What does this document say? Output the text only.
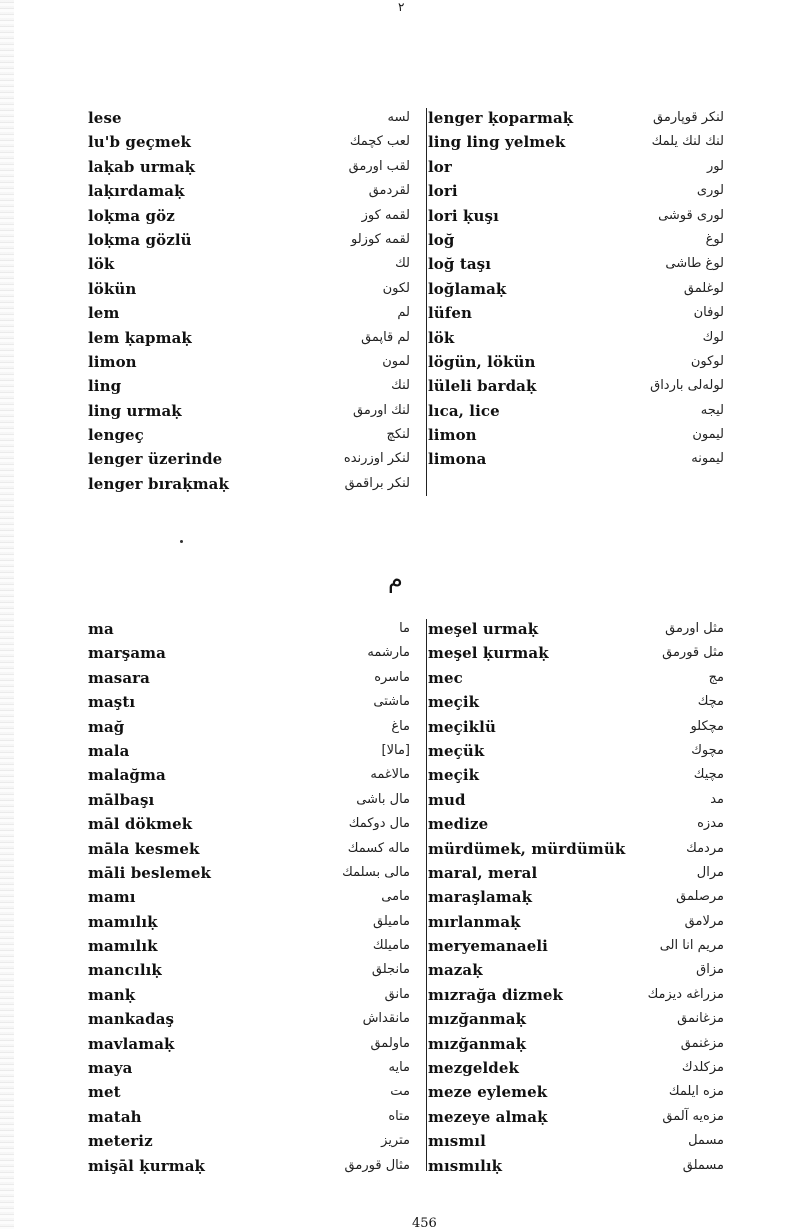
۲
lese	لسه
lu'b geçmek	لعب كچمك
laḳab urmaḳ	لقب اورمق
laḳırdamaḳ	لقردمق
loḳma göz	لقمه كوز
loḳma gözlü	لقمه كوزلو
lök	لك
lökün	لكون
lem	لم
lem ḳapmaḳ	لم قاپمق
limon	لمون
ling	لنك
ling urmaḳ	لنك اورمق
lengeç	لنكچ
lenger üzerinde	لنكر اوزرنده
lenger bıraḳmaḳ	لنكر براقمق
lenger ḳoparmaḳ	لنكر قوپارمق
ling ling yelmek	لنك لنك يلمك
lor	لور
lori	لوری
lori ḳuşı	لوری قوشی
loğ	لوغ
loğ taşı	لوغ طاشی
loğlamaḳ	لوغلمق
lüfen	لوفان
lök	لوك
lögün, lökün	لوكون
lüleli bardaḳ	لوله‌لی بارداق
lıca, lice	ليجه
limon	ليمون
limona	ليمونه
م
ma	ما
marşama	مارشمه
masara	ماسره
maştı	ماشتی
mağ	ماغ
mala	[مالا]
malağma	مالاغمه
mālbaşı	مال باشی
māl dökmek	مال دوكمك
māla kesmek	ماله كسمك
māli beslemek	مالی بسلمك
mamı	مامی
mamılıḳ	مامیلق
mamılık	مامیلك
mancılıḳ	مانجلق
manḳ	مانق
mankadaş	مانقداش
mavlamaḳ	ماولمق
maya	مايه
met	مت
matah	متاه
meteriz	متريز
mişāl ḳurmaḳ	مثال قورمق
meşel urmaḳ	مثل اورمق
meşel ḳurmaḳ	مثل قورمق
mec	مج
meçik	مچك
meçiklü	مچكلو
meçük	مچوك
meçik	مچيك
mud	مد
medize	مدزه
mürdümek, mürdümük	مردمك
maral, meral	مرال
maraşlamaḳ	مرصلمق
mırlanmaḳ	مرلامق
meryemanaeli	مريم انا الی
mazaḳ	مزاق
mızrağa dizmek	مزراغه ديزمك
mızğanmaḳ	مزغانمق
mızğanmaḳ	مزغنمق
mezgeldek	مزكلدك
meze eylemek	مزه ايلمك
mezeye almaḳ	مزه‌یه آلمق
mısmıl	مسمل
mısmılıḳ	مسملق
456
